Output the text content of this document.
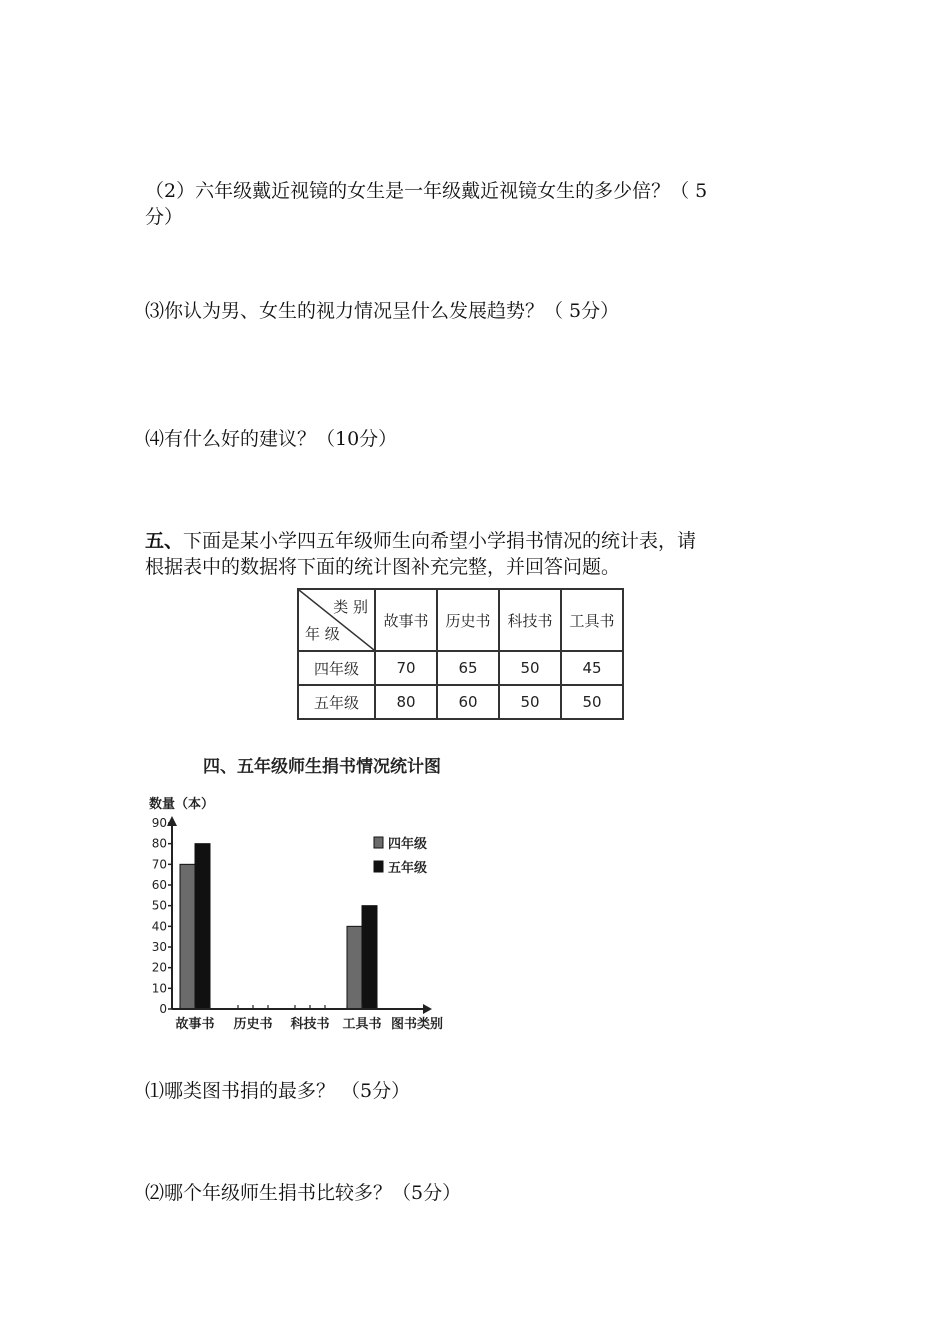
（2）六年级戴近视镜的女生是一年级戴近视镜女生的多少倍？（ 5
分）
⑶你认为男、女生的视力情况呈什么发展趋势？（ 5分）
⑷有什么好的建议？（10分）
五、下面是某小学四五年级师生向希望小学捐书情况的统计表，请
根据表中的数据将下面的统计图补充完整，并回答问题。
类 别
年 级	故事书	历史书	科技书	工具书
四年级	70	65	50	45
五年级	80	60	50	50
四、五年级师生捐书情况统计图
数量（本）
0
10
20
30
40
50
60
70
80
90
故事书 历史书 科技书 工具书 图书类别
四年级
五年级
⑴哪类图书捐的最多？ （5分）
⑵哪个年级师生捐书比较多？（5分）
